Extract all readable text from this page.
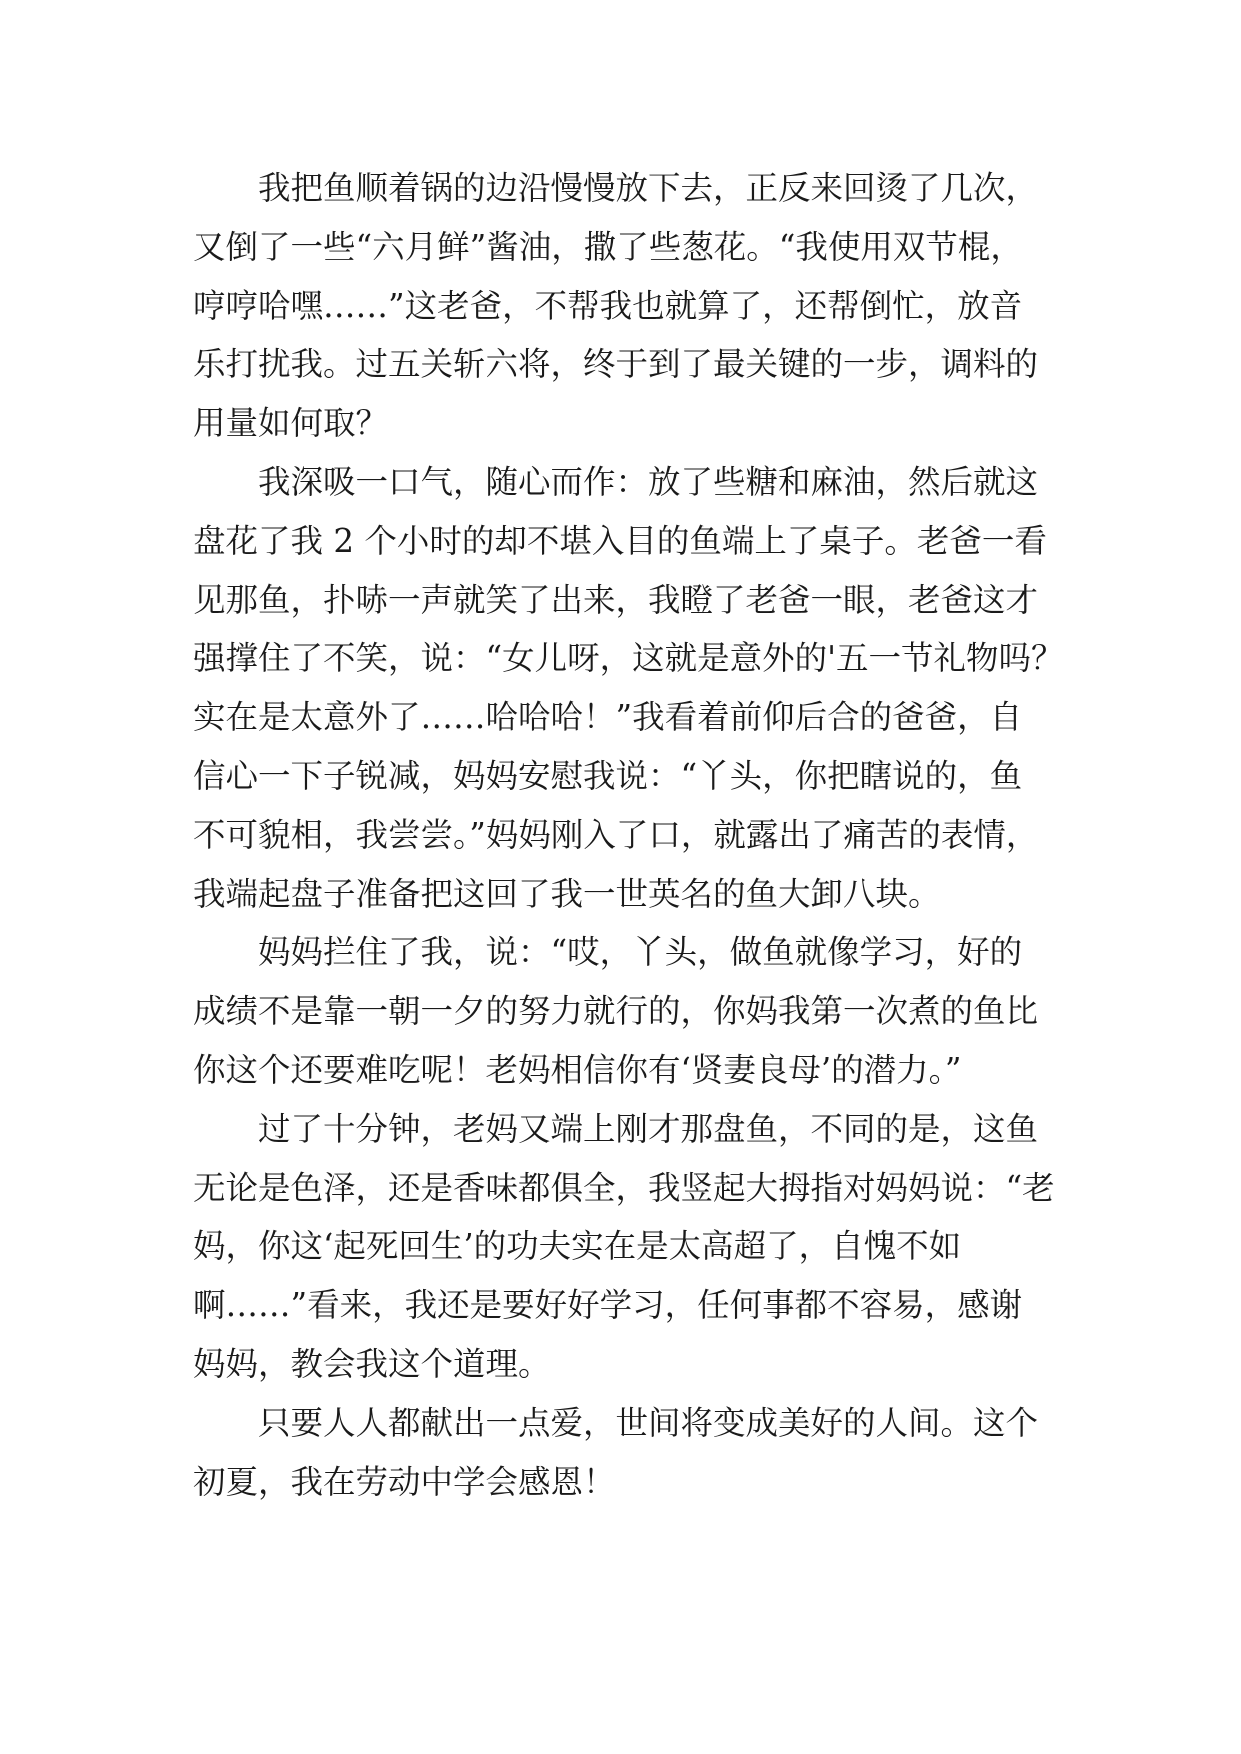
我把鱼顺着锅的边沿慢慢放下去，正反来回烫了几次，
又倒了一些“六月鲜”酱油，撒了些葱花。“我使用双节棍，
哼哼哈嘿……”这老爸，不帮我也就算了，还帮倒忙，放音
乐打扰我。过五关斩六将，终于到了最关键的一步，调料的
用量如何取？
我深吸一口气，随心而作：放了些糖和麻油，然后就这
盘花了我 2 个小时的却不堪入目的鱼端上了桌子。老爸一看
见那鱼，扑哧一声就笑了出来，我瞪了老爸一眼，老爸这才
强撑住了不笑，说：“女儿呀，这就是意外的'五一节礼物吗？
实在是太意外了……哈哈哈！”我看着前仰后合的爸爸，自
信心一下子锐减，妈妈安慰我说：“丫头，你把瞎说的，鱼
不可貌相，我尝尝。”妈妈刚入了口，就露出了痛苦的表情，
我端起盘子准备把这回了我一世英名的鱼大卸八块。
妈妈拦住了我，说：“哎，丫头，做鱼就像学习，好的
成绩不是靠一朝一夕的努力就行的，你妈我第一次煮的鱼比
你这个还要难吃呢！老妈相信你有‘贤妻良母’的潜力。”
过了十分钟，老妈又端上刚才那盘鱼，不同的是，这鱼
无论是色泽，还是香味都俱全，我竖起大拇指对妈妈说：“老
妈，你这‘起死回生’的功夫实在是太高超了，自愧不如
啊……”看来，我还是要好好学习，任何事都不容易，感谢
妈妈，教会我这个道理。
只要人人都献出一点爱，世间将变成美好的人间。这个
初夏，我在劳动中学会感恩！
